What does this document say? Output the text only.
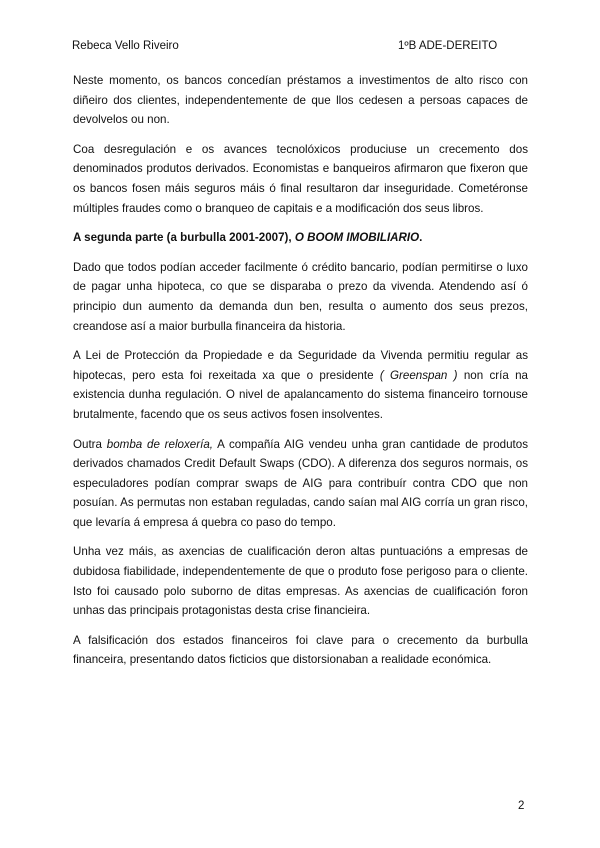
Rebeca Vello Riveiro	1ºB ADE-DEREITO

Neste momento, os bancos concedían préstamos a investimentos de alto risco con diñeiro dos clientes, independentemente de que llos cedesen a persoas capaces de devolvelos ou non.

Coa desregulación e os avances tecnolóxicos produciuse un crecemento dos denominados produtos derivados. Economistas e banqueiros afirmaron que fixeron que os bancos fosen máis seguros máis ó final resultaron dar inseguridade. Cometéronse múltiples fraudes como o branqueo de capitais e a modificación dos seus libros.

A segunda parte (a burbulla 2001-2007), O BOOM IMOBILIARIO.

Dado que todos podían acceder facilmente ó crédito bancario, podían permitirse o luxo de pagar unha hipoteca, co que se disparaba o prezo da vivenda. Atendendo así ó principio dun aumento da demanda dun ben, resulta o aumento dos seus prezos, creandose así a maior burbulla financeira da historia.

A Lei de Protección da Propiedade e da Seguridade da Vivenda permitiu regular as hipotecas, pero esta foi rexeitada xa que o presidente ( Greenspan ) non cría na existencia dunha regulación. O nivel de apalancamento do sistema financeiro tornouse brutalmente, facendo que os seus activos fosen insolventes.

Outra bomba de reloxería, A compañía AIG vendeu unha gran cantidade de produtos derivados chamados Credit Default Swaps (CDO). A diferenza dos seguros normais, os especuladores podían comprar swaps de AIG para contribuír contra CDO que non posuían. As permutas non estaban reguladas, cando saían mal AIG corría un gran risco, que levaría á empresa á quebra co paso do tempo.

Unha vez máis, as axencias de cualificación deron altas puntuacións a empresas de dubidosa fiabilidade, independentemente de que o produto fose perigoso para o cliente. Isto foi causado polo suborno de ditas empresas. As axencias de cualificación foron unhas das principais protagonistas desta crise financieira.

A falsificación dos estados financeiros foi clave para o crecemento da burbulla financeira, presentando datos ficticios que distorsionaban a realidade económica.

2
